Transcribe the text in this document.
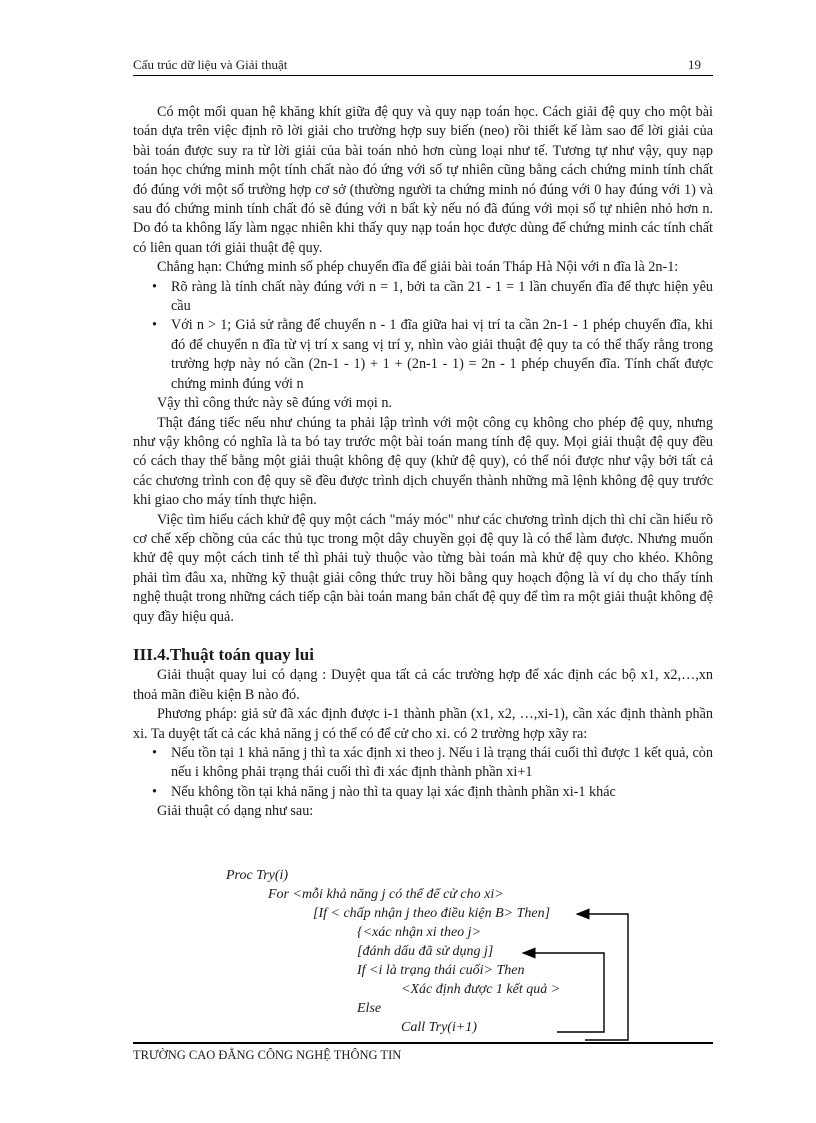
Cấu trúc dữ liệu và Giải thuật	19

Có một mối quan hệ khăng khít giữa đệ quy và quy nạp toán học. Cách giải đệ quy cho một bài toán dựa trên việc định rõ lời giải cho trường hợp suy biến (neo) rồi thiết kế làm sao để lời giải của bài toán được suy ra từ lời giải của bài toán nhỏ hơn cùng loại như tế. Tương tự như vậy, quy nạp toán học chứng minh một tính chất nào đó ứng với số tự nhiên cũng bằng cách chứng minh tính chất đó đúng với một số trường hợp cơ sở (thường người ta chứng minh nó đúng với 0 hay đúng với 1) và sau đó chứng minh tính chất đó sẽ đúng với n bất kỳ nếu nó đã đúng với mọi số tự nhiên nhỏ hơn n. Do đó ta không lấy làm ngạc nhiên khi thấy quy nạp toán học được dùng để chứng minh các tính chất có liên quan tới giải thuật đệ quy.

Chẳng hạn: Chứng minh số phép chuyển đĩa để giải bài toán Tháp Hà Nội với n đĩa là 2n-1:

• Rõ ràng là tính chất này đúng với n = 1, bởi ta cần 21 - 1 = 1 lần chuyển đĩa để thực hiện yêu cầu
• Với n > 1; Giả sử rằng để chuyển n - 1 đĩa giữa hai vị trí ta cần 2n-1 - 1 phép chuyển đĩa, khi đó để chuyển n đĩa từ vị trí x sang vị trí y, nhìn vào giải thuật đệ quy ta có thể thấy rằng trong trường hợp này nó cần (2n-1 - 1) + 1 + (2n-1 - 1) = 2n - 1 phép chuyển đĩa. Tính chất được chứng minh đúng với n

Vậy thì công thức này sẽ đúng với mọi n.

Thật đáng tiếc nếu như chúng ta phải lập trình với một công cụ không cho phép đệ quy, nhưng như vậy không có nghĩa là ta bó tay trước một bài toán mang tính đệ quy. Mọi giải thuật đệ quy đều có cách thay thế bằng một giải thuật không đệ quy (khử đệ quy), có thể nói được như vậy bởi tất cả các chương trình con đệ quy sẽ đều được trình dịch chuyển thành những mã lệnh không đệ quy trước khi giao cho máy tính thực hiện.

Việc tìm hiểu cách khử đệ quy một cách "máy móc" như các chương trình dịch thì chỉ cần hiểu rõ cơ chế xếp chồng của các thủ tục trong một dây chuyền gọi đệ quy là có thể làm được. Nhưng muốn khử đệ quy một cách tinh tế thì phải tuỳ thuộc vào từng bài toán mà khử đệ quy cho khéo. Không phải tìm đâu xa, những kỹ thuật giải công thức truy hồi bằng quy hoạch động là ví dụ cho thấy tính nghệ thuật trong những cách tiếp cận bài toán mang bản chất đệ quy để tìm ra một giải thuật không đệ quy đầy hiệu quả.

III.4.Thuật toán quay lui

Giải thuật quay lui có dạng : Duyệt qua tất cả các trường hợp để xác định các bộ x1, x2,…,xn thoả mãn điều kiện B nào đó.

Phương pháp: giả sử đã xác định được i-1 thành phần (x1, x2, …,xi-1), cần xác định thành phần xi. Ta duyệt tất cả các khả năng j có thể có để cử cho xi. có 2 trường hợp xãy ra:

• Nếu tồn tại 1 khả năng j thì ta xác định xi theo j. Nếu i là trạng thái cuối thì được 1 kết quả, còn nếu i không phải trạng thái cuối thì đi xác định thành phần xi+1
• Nếu không tồn tại khả năng j nào thì ta quay lại xác định thành phần xi-1 khác

Giải thuật có dạng như sau:

Proc Try(i)
For <mỗi khả năng j có thể để cử cho xi>
[If < chấp nhận j theo điều kiện B> Then]
{<xác nhận xi theo j>
[đánh dấu đã sử dụng j]
If <i là trạng thái cuối> Then
<Xác định được 1 kết quả >
Else
Call Try(i+1)
TRƯỜNG CAO ĐẲNG CÔNG NGHỆ THÔNG TIN
